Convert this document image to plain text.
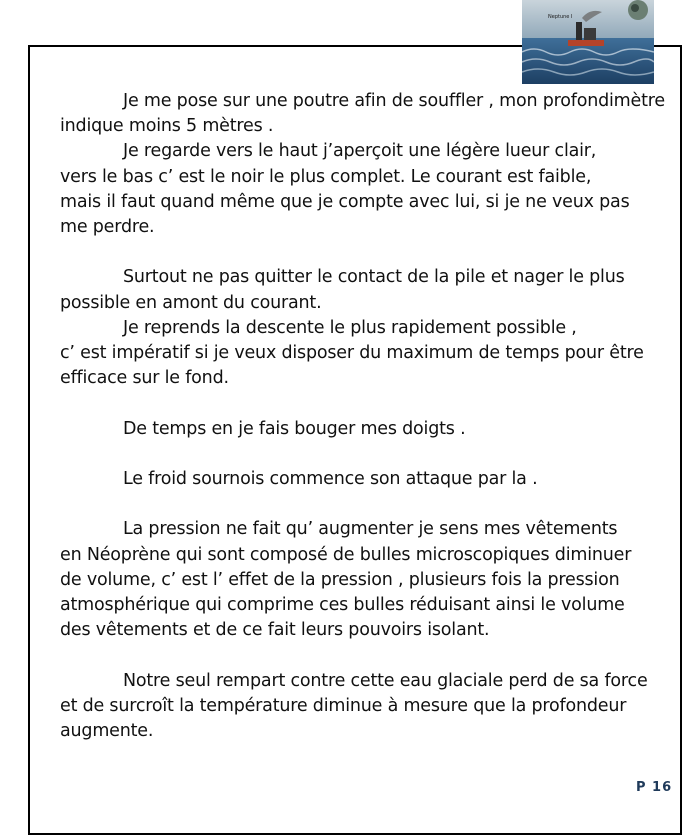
Neptune I
Je me pose sur une poutre afin de souffler , mon profondimètre
indique moins 5 mètres .
Je regarde vers le haut j’aperçoit une légère lueur clair,
vers le bas c’ est le noir le plus complet. Le courant est faible,
mais il faut quand même que je compte avec lui, si je ne veux pas
me perdre.
Surtout ne pas quitter le contact de la pile et nager le plus
possible en amont du courant.
Je reprends la descente le plus rapidement possible ,
c’ est impératif si je veux disposer du maximum de temps pour être
efficace sur le fond.
De temps en je fais bouger mes doigts .
Le froid sournois commence son attaque par la .
La pression ne fait qu’ augmenter je sens mes vêtements
en Néoprène qui sont composé de bulles microscopiques diminuer
de volume, c’ est l’ effet de la pression , plusieurs fois la pression
atmosphérique qui comprime ces bulles réduisant ainsi le volume
des vêtements et de ce fait leurs pouvoirs isolant.
Notre seul rempart contre cette eau glaciale perd de sa force
et de surcroît la température diminue à mesure que la profondeur
augmente.
P 16
